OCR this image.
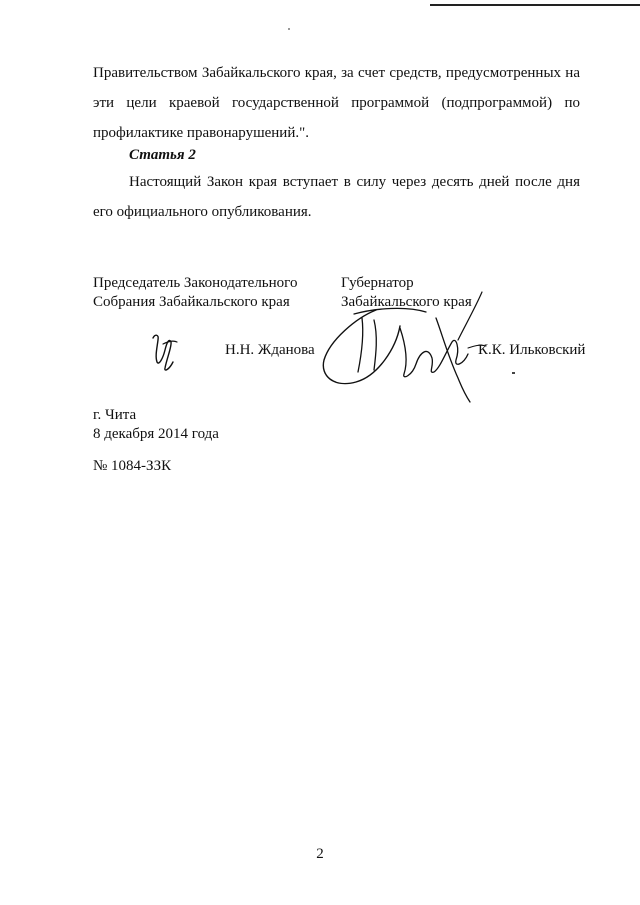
Правительством Забайкальского края, за счет средств, предусмотренных на эти цели краевой государственной программой (подпрограммой) по профилактике правонарушений.".
Статья 2
Настоящий Закон края вступает в силу через десять дней после дня его официального опубликования.
Председатель Законодательного
Собрания Забайкальского края
Губернатор
Забайкальского края
Н.Н. Жданова	К.К. Ильковский
г. Чита
8 декабря 2014 года
№ 1084-ЗЗК
2
